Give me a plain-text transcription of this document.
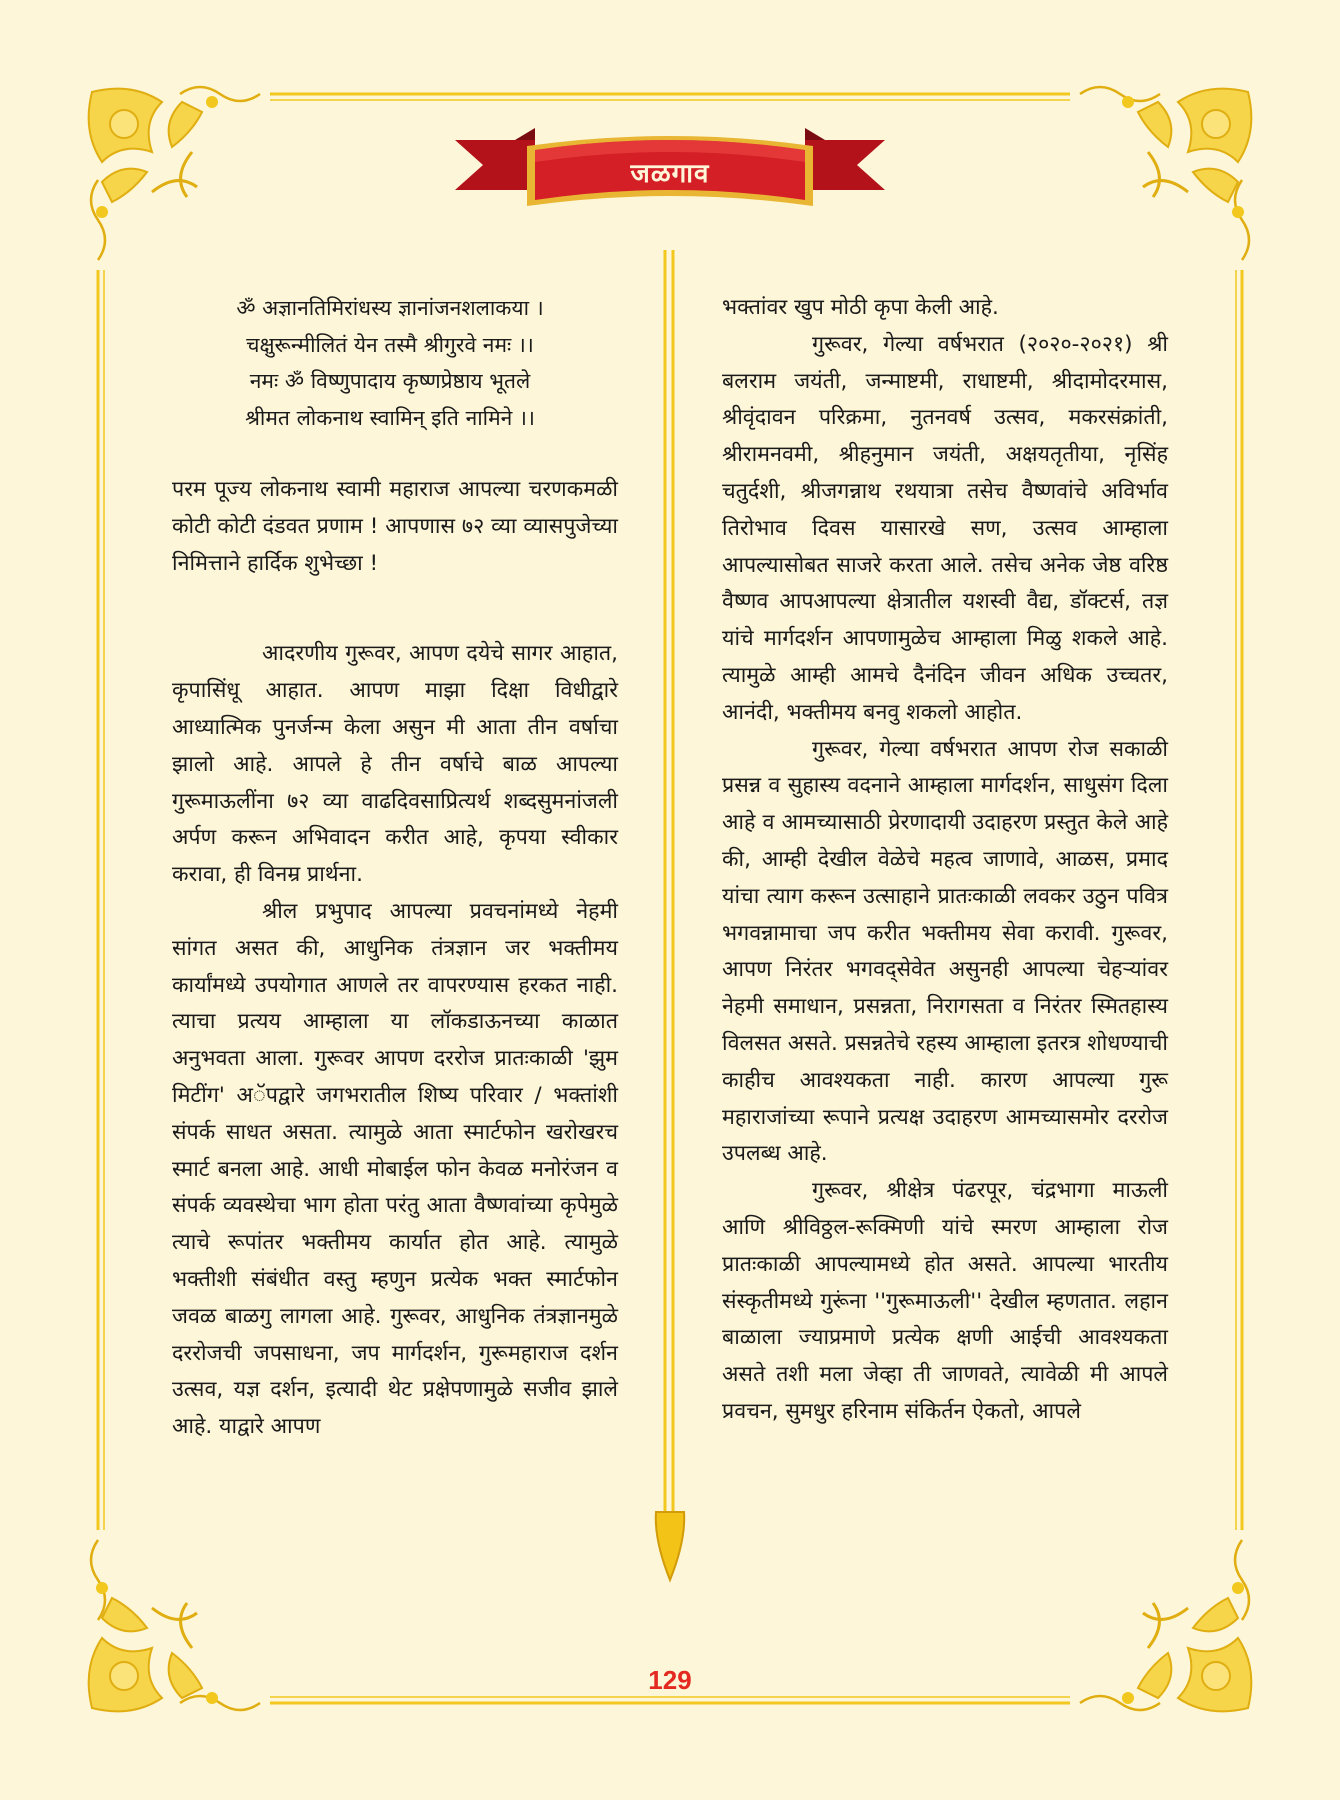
जळगाव
ॐ अज्ञानतिमिरांधस्य ज्ञानांजनशलाकया ।
चक्षुरून्मीलितं येन तस्मै श्रीगुरवे नमः ।।
नमः ॐ विष्णुपादाय कृष्णप्रेष्ठाय भूतले
श्रीमत लोकनाथ स्वामिन् इति नामिने ।।

परम पूज्य लोकनाथ स्वामी महाराज आपल्या चरणकमळी कोटी कोटी दंडवत प्रणाम ! आपणास ७२ व्या व्यासपुजेच्या निमित्ताने हार्दिक शुभेच्छा !

आदरणीय गुरूवर, आपण दयेचे सागर आहात, कृपासिंधू आहात. आपण माझा दिक्षा विधीद्वारे आध्यात्मिक पुनर्जन्म केला असुन मी आता तीन वर्षाचा झालो आहे. आपले हे तीन वर्षाचे बाळ आपल्या गुरूमाऊलींना ७२ व्या वाढदिवसाप्रित्यर्थ शब्दसुमनांजली अर्पण करून अभिवादन करीत आहे, कृपया स्वीकार करावा, ही विनम्र प्रार्थना.

श्रील प्रभुपाद आपल्या प्रवचनांमध्ये नेहमी सांगत असत की, आधुनिक तंत्रज्ञान जर भक्तीमय कार्यांमध्ये उपयोगात आणले तर वापरण्यास हरकत नाही. त्याचा प्रत्यय आम्हाला या लॉकडाऊनच्या काळात अनुभवता आला. गुरूवर आपण दररोज प्रातःकाळी 'झुम मिटींग' अॅपद्वारे जगभरातील शिष्य परिवार / भक्तांशी संपर्क साधत असता. त्यामुळे आता स्मार्टफोन खरोखरच स्मार्ट बनला आहे. आधी मोबाईल फोन केवळ मनोरंजन व संपर्क व्यवस्थेचा भाग होता परंतु आता वैष्णवांच्या कृपेमुळे त्याचे रूपांतर भक्तीमय कार्यात होत आहे. त्यामुळे भक्तीशी संबंधीत वस्तु म्हणुन प्रत्येक भक्त स्मार्टफोन जवळ बाळगु लागला आहे. गुरूवर, आधुनिक तंत्रज्ञानमुळे दररोजची जपसाधना, जप मार्गदर्शन, गुरूमहाराज दर्शन उत्सव, यज्ञ दर्शन, इत्यादी थेट प्रक्षेपणामुळे सजीव झाले आहे. याद्वारे आपण

भक्तांवर खुप मोठी कृपा केली आहे.

गुरूवर, गेल्या वर्षभरात (२०२०-२०२१) श्री बलराम जयंती, जन्माष्टमी, राधाष्टमी, श्रीदामोदरमास, श्रीवृंदावन परिक्रमा, नुतनवर्ष उत्सव, मकरसंक्रांती, श्रीरामनवमी, श्रीहनुमान जयंती, अक्षयतृतीया, नृसिंह चतुर्दशी, श्रीजगन्नाथ रथयात्रा तसेच वैष्णवांचे अविर्भाव तिरोभाव दिवस यासारखे सण, उत्सव आम्हाला आपल्यासोबत साजरे करता आले. तसेच अनेक जेष्ठ वरिष्ठ वैष्णव आपआपल्या क्षेत्रातील यशस्वी वैद्य, डॉक्टर्स, तज्ञ यांचे मार्गदर्शन आपणामुळेच आम्हाला मिळु शकले आहे. त्यामुळे आम्ही आमचे दैनंदिन जीवन अधिक उच्चतर, आनंदी, भक्तीमय बनवु शकलो आहोत.

गुरूवर, गेल्या वर्षभरात आपण रोज सकाळी प्रसन्न व सुहास्य वदनाने आम्हाला मार्गदर्शन, साधुसंग दिला आहे व आमच्यासाठी प्रेरणादायी उदाहरण प्रस्तुत केले आहे की, आम्ही देखील वेळेचे महत्व जाणावे, आळस, प्रमाद यांचा त्याग करून उत्साहाने प्रातःकाळी लवकर उठुन पवित्र भगवन्नामाचा जप करीत भक्तीमय सेवा करावी. गुरूवर, आपण निरंतर भगवद्सेवेत असुनही आपल्या चेहऱ्यांवर नेहमी समाधान, प्रसन्नता, निरागसता व निरंतर स्मितहास्य विलसत असते. प्रसन्नतेचे रहस्य आम्हाला इतरत्र शोधण्याची काहीच आवश्यकता नाही. कारण आपल्या गुरू महाराजांच्या रूपाने प्रत्यक्ष उदाहरण आमच्यासमोर दररोज उपलब्ध आहे.

गुरूवर, श्रीक्षेत्र पंढरपूर, चंद्रभागा माऊली आणि श्रीविठ्ठल-रूक्मिणी यांचे स्मरण आम्हाला रोज प्रातःकाळी आपल्यामध्ये होत असते. आपल्या भारतीय संस्कृतीमध्ये गुरूंना ''गुरूमाऊली'' देखील म्हणतात. लहान बाळाला ज्याप्रमाणे प्रत्येक क्षणी आईची आवश्यकता असते तशी मला जेव्हा ती जाणवते, त्यावेळी मी आपले प्रवचन, सुमधुर हरिनाम संकिर्तन ऐकतो, आपले

129
